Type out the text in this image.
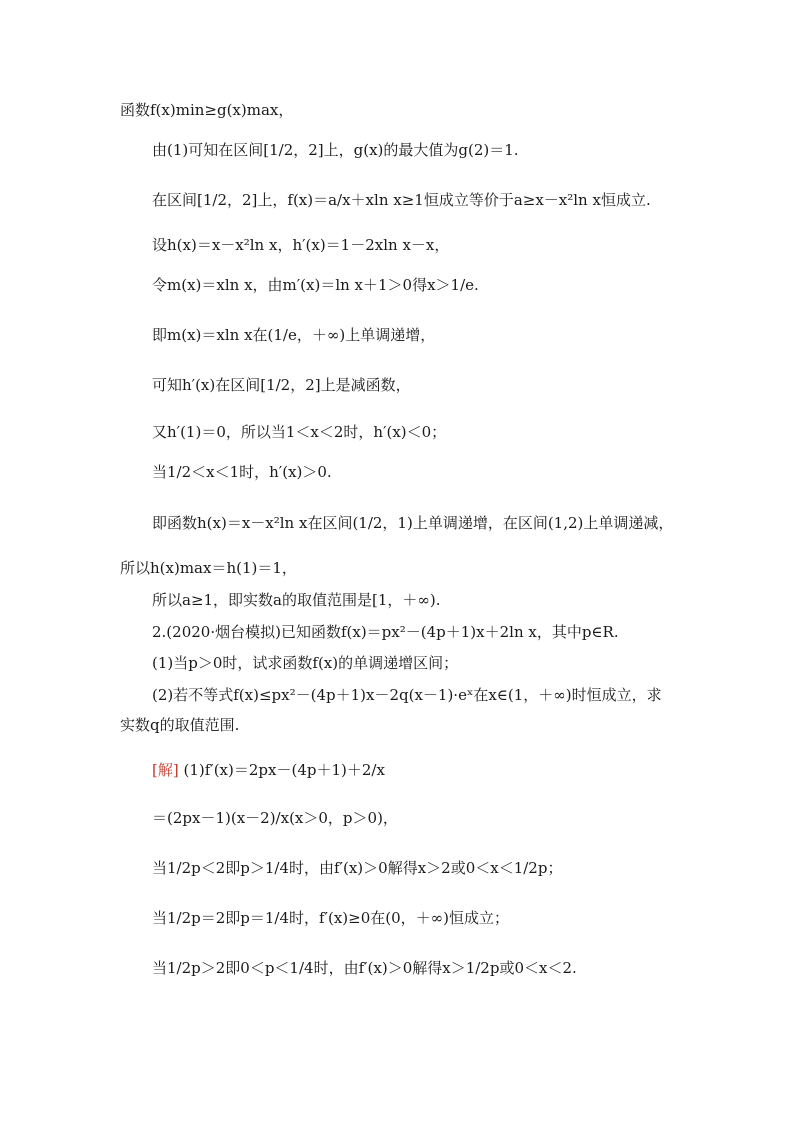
函数f(x)min≥g(x)max，
由(1)可知在区间[1/2，2]上，g(x)的最大值为g(2)＝1.
在区间[1/2，2]上，f(x)＝a/x＋xln x≥1恒成立等价于a≥x－x²ln x恒成立.
设h(x)＝x－x²ln x，h′(x)＝1－2xln x－x，
令m(x)＝xln x，由m′(x)＝ln x＋1＞0得x＞1/e.
即m(x)＝xln x在(1/e，＋∞)上单调递增，
可知h′(x)在区间[1/2，2]上是减函数，
又h′(1)＝0，所以当1＜x＜2时，h′(x)＜0；
当1/2＜x＜1时，h′(x)＞0.
即函数h(x)＝x－x²ln x在区间(1/2，1)上单调递增，在区间(1,2)上单调递减，
所以h(x)max＝h(1)＝1，
所以a≥1，即实数a的取值范围是[1，＋∞).
2.(2020·烟台模拟)已知函数f(x)＝px²－(4p＋1)x＋2ln x，其中p∈R.
(1)当p＞0时，试求函数f(x)的单调递增区间；
(2)若不等式f(x)≤px²－(4p＋1)x－2q(x－1)·eˣ在x∈(1，＋∞)时恒成立，求
实数q的取值范围.
[解] (1)f′(x)＝2px－(4p＋1)＋2/x
＝(2px－1)(x－2)/x(x＞0，p＞0)，
当1/2p＜2即p＞1/4时，由f′(x)＞0解得x＞2或0＜x＜1/2p；
当1/2p＝2即p＝1/4时，f′(x)≥0在(0，＋∞)恒成立；
当1/2p＞2即0＜p＜1/4时，由f′(x)＞0解得x＞1/2p或0＜x＜2.
